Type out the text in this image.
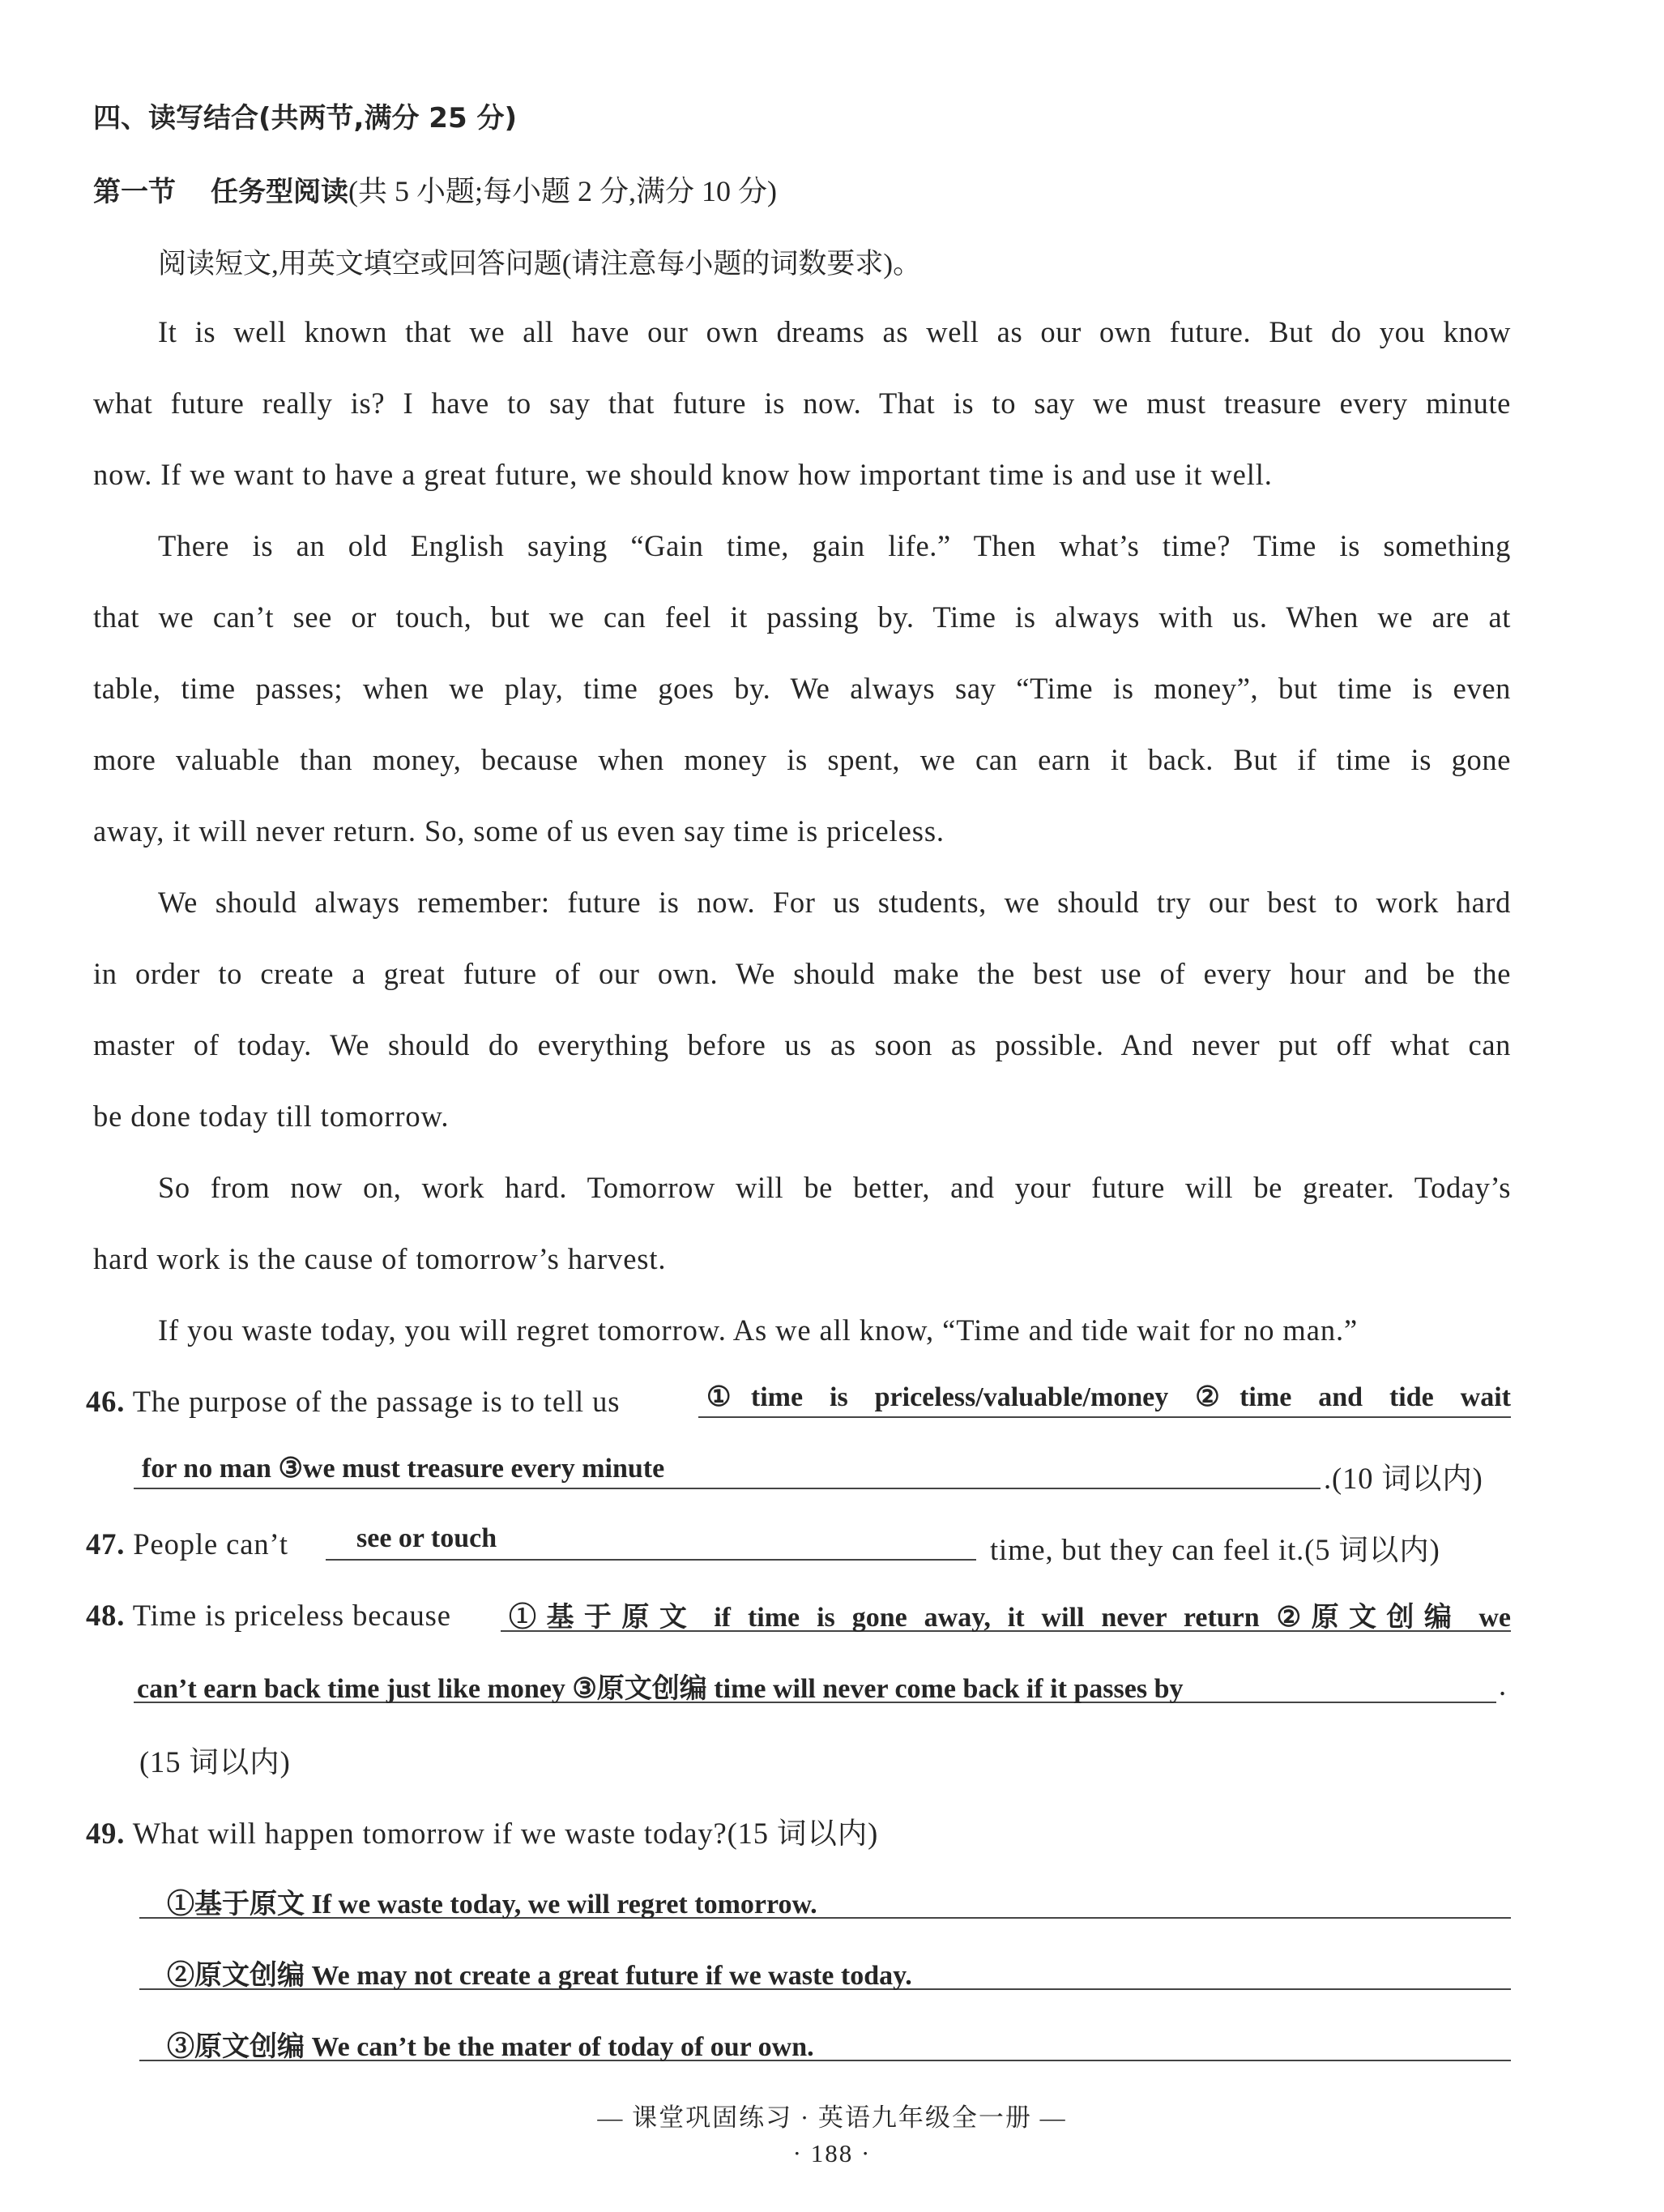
四、读写结合(共两节,满分 25 分)
第一节 任务型阅读(共 5 小题;每小题 2 分,满分 10 分)
阅读短文,用英文填空或回答问题(请注意每小题的词数要求)。
It is well known that we all have our own dreams as well as our own future. But do you know
what future really is? I have to say that future is now. That is to say we must treasure every minute
now. If we want to have a great future, we should know how important time is and use it well.
There is an old English saying “Gain time, gain life.” Then what’s time? Time is something
that we can’t see or touch, but we can feel it passing by. Time is always with us. When we are at
table, time passes; when we play, time goes by. We always say “Time is money”, but time is even
more valuable than money, because when money is spent, we can earn it back. But if time is gone
away, it will never return. So, some of us even say time is priceless.
We should always remember: future is now. For us students, we should try our best to work hard
in order to create a great future of our own. We should make the best use of every hour and be the
master of today. We should do everything before us as soon as possible. And never put off what can
be done today till tomorrow.
So from now on, work hard. Tomorrow will be better, and your future will be greater. Today’s
hard work is the cause of tomorrow’s harvest.
If you waste today, you will regret tomorrow. As we all know, “Time and tide wait for no man.”
46. The purpose of the passage is to tell us	①time is priceless/valuable/money ②time and tide wait
for no man ③we must treasure every minute	.(10 词以内)
47. People can’t	see or touch	time, but they can feel it.(5 词以内)
48. Time is priceless because ①基于原文 if time is gone away, it will never return ②原文创编 we
can’t earn back time just like money ③原文创编 time will never come back if it passes by	.
(15 词以内)
49. What will happen tomorrow if we waste today?(15 词以内)
①基于原文 If we waste today, we will regret tomorrow.
②原文创编 We may not create a great future if we waste today.
③原文创编 We can’t be the mater of today of our own.
— 课堂巩固练习 · 英语九年级全一册 —
· 188 ·
